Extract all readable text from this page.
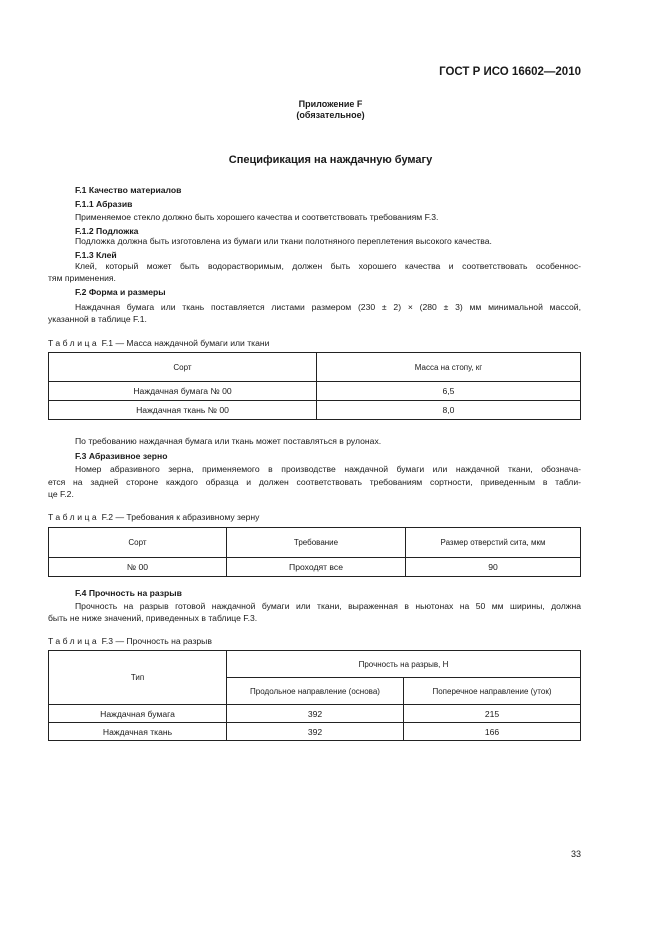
ГОСТ Р ИСО 16602—2010
Приложение F
(обязательное)
Спецификация на наждачную бумагу
F.1 Качество материалов
F.1.1 Абразив
Применяемое стекло должно быть хорошего качества и соответствовать требованиям F.3.
F.1.2 Подложка
Подложка должна быть изготовлена из бумаги или ткани полотняного переплетения высокого качества.
F.1.3 Клей
Клей, который может быть водорастворимым, должен быть хорошего качества и соответствовать особеннос-
тям применения.
F.2 Форма и размеры
Наждачная бумага или ткань поставляется листами размером (230 ± 2) × (280 ± 3) мм минимальной массой,
указанной в таблице F.1.
Таблица F.1 — Масса наждачной бумаги или ткани
Сорт	Масса на стопу, кг
Наждачная бумага № 00	6,5
Наждачная ткань № 00	8,0
По требованию наждачная бумага или ткань может поставляться в рулонах.
F.3 Абразивное зерно
Номер абразивного зерна, применяемого в производстве наждачной бумаги или наждачной ткани, обознача-
ется на задней стороне каждого образца и должен соответствовать требованиям сортности, приведенным в табли-
це F.2.
Таблица F.2 — Требования к абразивному зерну
Сорт	Требование	Размер отверстий сита, мкм
№ 00	Проходят все	90
F.4 Прочность на разрыв
Прочность на разрыв готовой наждачной бумаги или ткани, выраженная в ньютонах на 50 мм ширины, должна
быть не ниже значений, приведенных в таблице F.3.
Таблица F.3 — Прочность на разрыв
Тип	Прочность на разрыв, Н	
	Продольное направление (основа)	Поперечное направление (уток)
Наждачная бумага	392	215
Наждачная ткань	392	166
33
